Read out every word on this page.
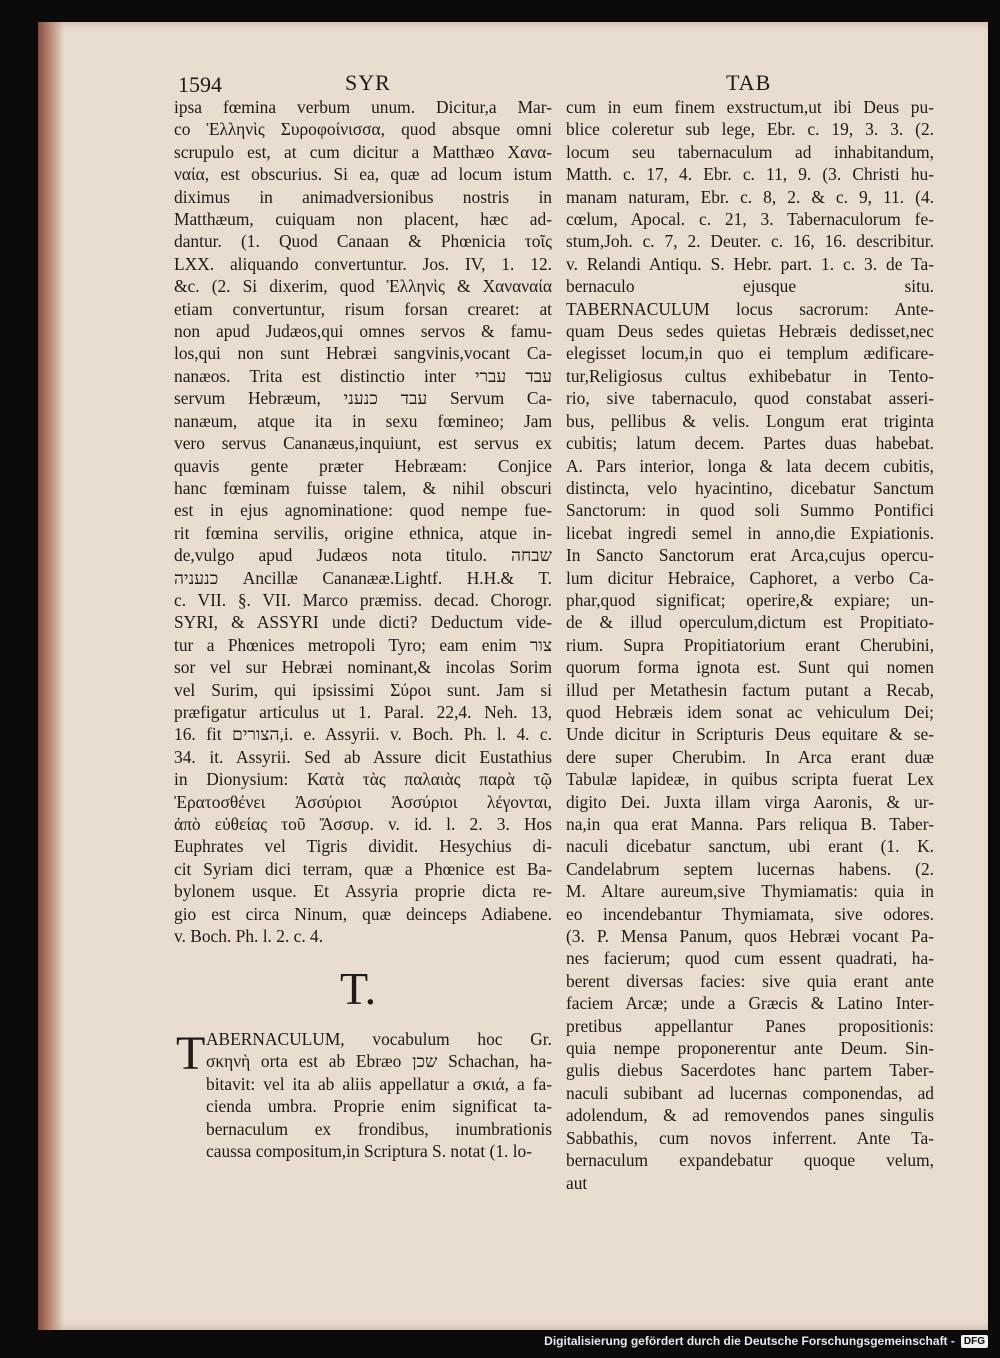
1594	SYR	TAB
ipsa fœmina verbum unum. Dicitur,a Mar-
co Ἑλληνὶς Συροφοίνισσα, quod absque omni
scrupulo est, at cum dicitur a Matthæo Χανα-
ναία, est obscurius. Si ea, quæ ad locum istum
diximus in animadversionibus nostris in
Matthæum, cuiquam non placent, hæc ad-
dantur. (1. Quod Canaan & Phœnicia τοῖς
LXX. aliquando convertuntur. Jos. IV, 1. 12.
&c. (2. Si dixerim, quod Ἑλληνὶς & Χαναναία
etiam convertuntur, risum forsan crearet: at
non apud Judæos,qui omnes servos & famu-
los,qui non sunt Hebræi sangvinis,vocant Ca-
nanæos. Trita est distinctio inter עבד עברי
servum Hebræum, עבד כנעני Servum Ca-
nanæum, atque ita in sexu fœmineo; Jam
vero servus Cananæus,inquiunt, est servus ex
quavis gente præter Hebræam: Conjice
hanc fœminam fuisse talem, & nihil obscuri
est in ejus agnominatione: quod nempe fue-
rit fœmina servilis, origine ethnica, atque in-
de,vulgo apud Judæos nota titulo. שבחה
כנעניה Ancillæ Cananææ.Lightf. H.H.& T.
c. VII. §. VII. Marco præmiss. decad. Chorogr.
SYRI, & ASSYRI unde dicti? Deductum vide-
tur a Phœnices metropoli Tyro; eam enim צור
sor vel sur Hebræi nominant,& incolas Sorim
vel Surim, qui ipsissimi Σύροι sunt. Jam si
præfigatur articulus ut 1. Paral. 22,4. Neh. 13,
16. fit הצורים,i. e. Assyrii. v. Boch. Ph. l. 4. c.
34. it. Assyrii. Sed ab Assure dicit Eustathius
in Dionysium: Κατὰ τὰς παλαιὰς παρὰ τῷ
Ἐρατοσθένει Ἀσσύριοι Ἀσσύριοι λέγονται,
ἀπὸ εὐθείας τοῦ Ἄσσυρ. v. id. l. 2. 3. Hos
Euphrates vel Tigris dividit. Hesychius di-
cit Syriam dici terram, quæ a Phœnice est Ba-
bylonem usque. Et Assyria proprie dicta re-
gio est circa Ninum, quæ deinceps Adiabene.
v. Boch. Ph. l. 2. c. 4.
T.
T ABERNACULUM, vocabulum hoc Gr.
σκηνὴ orta est ab Ebræo שכן Schachan, ha-
bitavit: vel ita ab aliis appellatur a σκιά, a fa-
cienda umbra. Proprie enim significat ta-
bernaculum ex frondibus, inumbrationis
caussa compositum,in Scriptura S. notat (1. lo-
cum in eum finem exstructum,ut ibi Deus pu-
blice coleretur sub lege, Ebr. c. 19, 3. 3. (2.
locum seu tabernaculum ad inhabitandum,
Matth. c. 17, 4. Ebr. c. 11, 9. (3. Christi hu-
manam naturam, Ebr. c. 8, 2. & c. 9, 11. (4.
cœlum, Apocal. c. 21, 3. Tabernaculorum fe-
stum,Joh. c. 7, 2. Deuter. c. 16, 16. describitur.
v. Relandi Antiqu. S. Hebr. part. 1. c. 3. de Ta-
bernaculo ejusque situ.
TABERNACULUM locus sacrorum: Ante-
quam Deus sedes quietas Hebræis dedisset,nec
elegisset locum,in quo ei templum ædificare-
tur,Religiosus cultus exhibebatur in Tento-
rio, sive tabernaculo, quod constabat asseri-
bus, pellibus & velis. Longum erat triginta
cubitis; latum decem. Partes duas habebat.
A. Pars interior, longa & lata decem cubitis,
distincta, velo hyacintino, dicebatur Sanctum
Sanctorum: in quod soli Summo Pontifici
licebat ingredi semel in anno,die Expiationis.
In Sancto Sanctorum erat Arca,cujus opercu-
lum dicitur Hebraice, Caphoret, a verbo Ca-
phar,quod significat; operire,& expiare; un-
de & illud operculum,dictum est Propitiato-
rium. Supra Propitiatorium erant Cherubini,
quorum forma ignota est. Sunt qui nomen
illud per Metathesin factum putant a Recab,
quod Hebræis idem sonat ac vehiculum Dei;
Unde dicitur in Scripturis Deus equitare & se-
dere super Cherubim. In Arca erant duæ
Tabulæ lapideæ, in quibus scripta fuerat Lex
digito Dei. Juxta illam virga Aaronis, & ur-
na,in qua erat Manna. Pars reliqua B. Taber-
naculi dicebatur sanctum, ubi erant (1. K.
Candelabrum septem lucernas habens. (2.
M. Altare aureum,sive Thymiamatis: quia in
eo incendebantur Thymiamata, sive odores.
(3. P. Mensa Panum, quos Hebræi vocant Pa-
nes facierum; quod cum essent quadrati, ha-
berent diversas facies: sive quia erant ante
faciem Arcæ; unde a Græcis & Latino Inter-
pretibus appellantur Panes propositionis:
quia nempe proponerentur ante Deum. Sin-
gulis diebus Sacerdotes hanc partem Taber-
naculi subibant ad lucernas componendas, ad
adolendum, & ad removendos panes singulis
Sabbathis, cum novos inferrent. Ante Ta-
bernaculum expandebatur quoque velum,
aut
Digitalisierung gefördert durch die Deutsche Forschungsgemeinschaft - DFG
